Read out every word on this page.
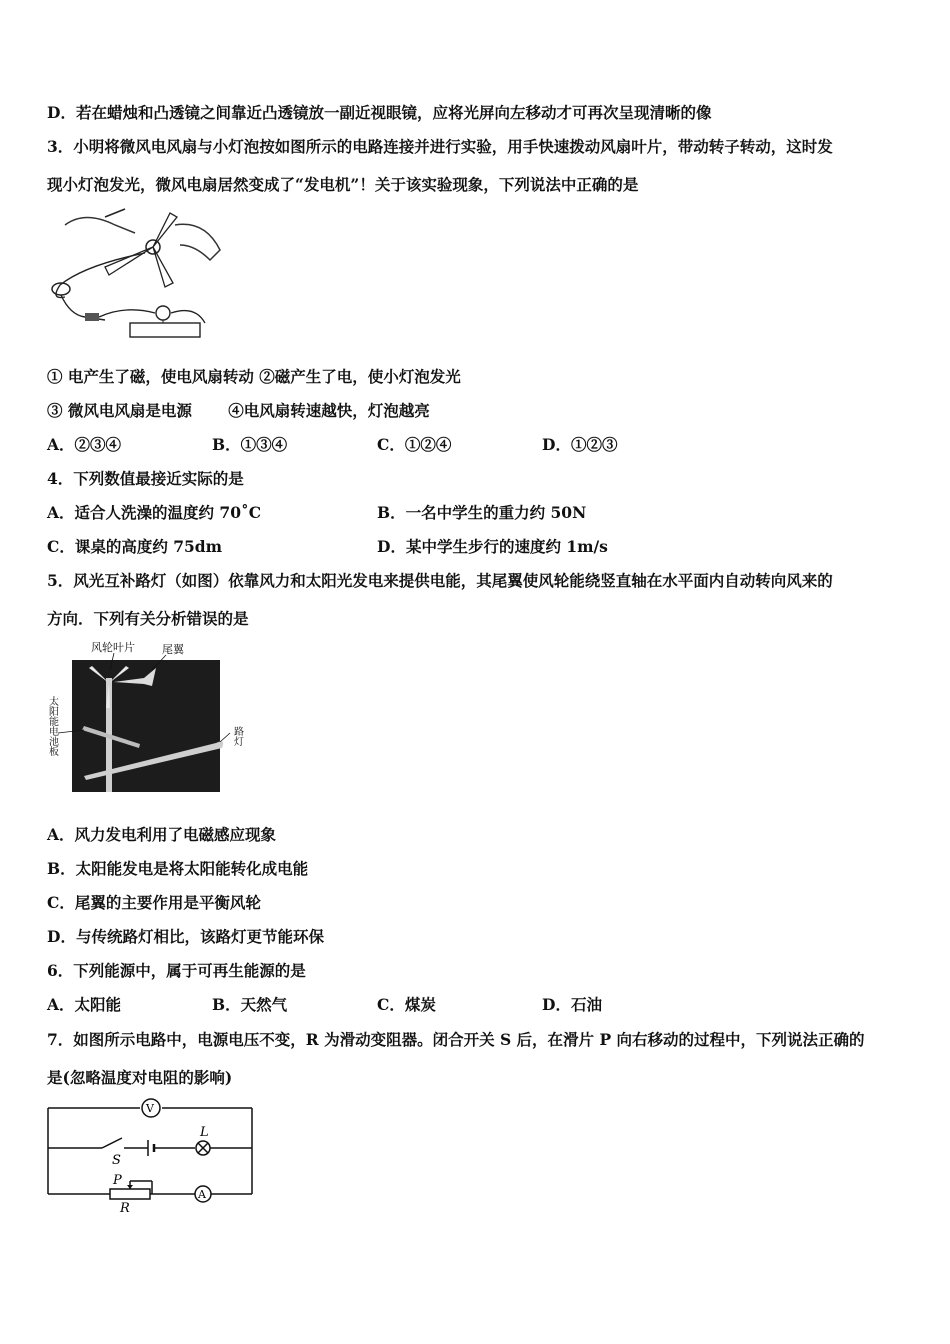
D．若在蜡烛和凸透镜之间靠近凸透镜放一副近视眼镜，应将光屏向左移动才可再次呈现清晰的像
3．小明将微风电风扇与小灯泡按如图所示的电路连接并进行实验，用手快速拨动风扇叶片，带动转子转动，这时发
现小灯泡发光，微风电扇居然变成了“发电机”！关于该实验现象，下列说法中正确的是
① 电产生了磁，使电风扇转动 ②磁产生了电，使小灯泡发光
③ 微风电风扇是电源　　 ④电风扇转速越快，灯泡越亮
A．②③④	B．①③④	C．①②④	D．①②③
4．下列数值最接近实际的是
A．适合人洗澡的温度约 70˚C	B．一名中学生的重力约 50N
C．课桌的高度约 75dm	D．某中学生步行的速度约 1m/s
5．风光互补路灯（如图）依靠风力和太阳光发电来提供电能，其尾翼使风轮能绕竖直轴在水平面内自动转向风来的
方向．下列有关分析错误的是
风轮叶片 尾翼
太阳能电池板	路灯
A．风力发电利用了电磁感应现象
B．太阳能发电是将太阳能转化成电能
C．尾翼的主要作用是平衡风轮
D．与传统路灯相比，该路灯更节能环保
6．下列能源中，属于可再生能源的是
A．太阳能	B．天然气	C．煤炭	D．石油
7．如图所示电路中，电源电压不变，R 为滑动变阻器。闭合开关 S 后，在滑片 P 向右移动的过程中，下列说法正确的
是(忽略温度对电阻的影响)
V
L
S
P
R
A
